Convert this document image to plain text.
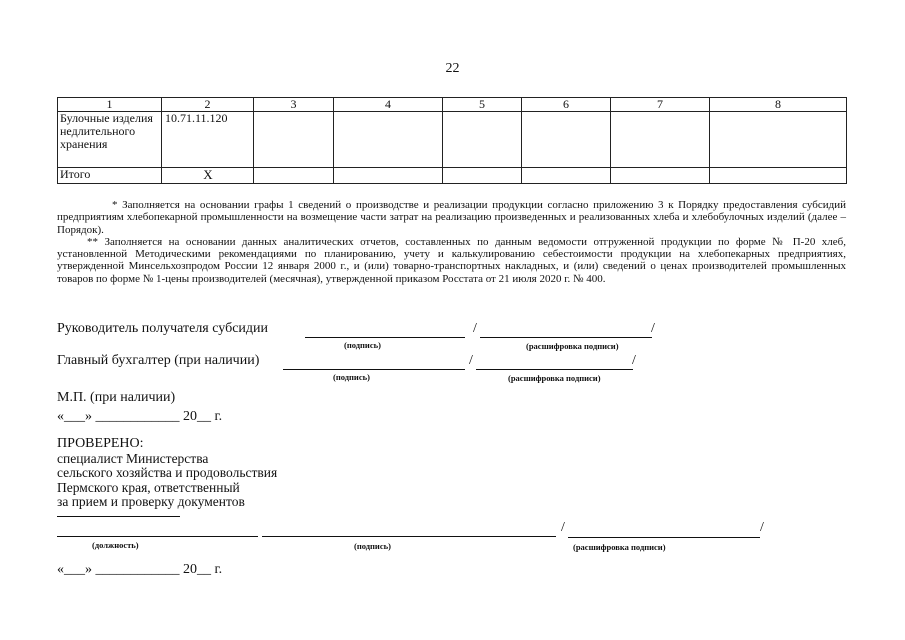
22
1	2	3	4	5	6	7	8
Булочные изделия недлительного хранения	10.71.11.120						
Итого	Х						

* Заполняется на основании графы 1 сведений о производстве и реализации продукции согласно приложению 3 к Порядку предоставления субсидий предприятиям хлебопекарной промышленности на возмещение части затрат на реализацию произведенных и реализованных хлеба и хлебобулочных изделий (далее – Порядок).

** Заполняется на основании данных аналитических отчетов, составленных по данным ведомости отгруженной продукции по форме № П-20 хлеб, установленной Методическими рекомендациями по планированию, учету и калькулированию себестоимости продукции на хлебопекарных предприятиях, утвержденной Минсельхозпродом России 12 января 2000 г., и (или) товарно-транспортных накладных, и (или) сведений о ценах производителей промышленных товаров по форме № 1-цены производителей (месячная), утвержденной приказом Росстата от 21 июля 2020 г. № 400.

Руководитель получателя субсидии	/	/
(подпись)	(расшифровка подписи)
Главный бухгалтер (при наличии)	/	/
(подпись)	(расшифровка подписи)
М.П. (при наличии)
«___» ____________ 20__ г.
ПРОВЕРЕНО:
специалист Министерства
сельского хозяйства и продовольствия
Пермского края, ответственный
за прием и проверку документов
/	/
(должность)	(подпись)	(расшифровка подписи)
«___» ____________ 20__ г.
